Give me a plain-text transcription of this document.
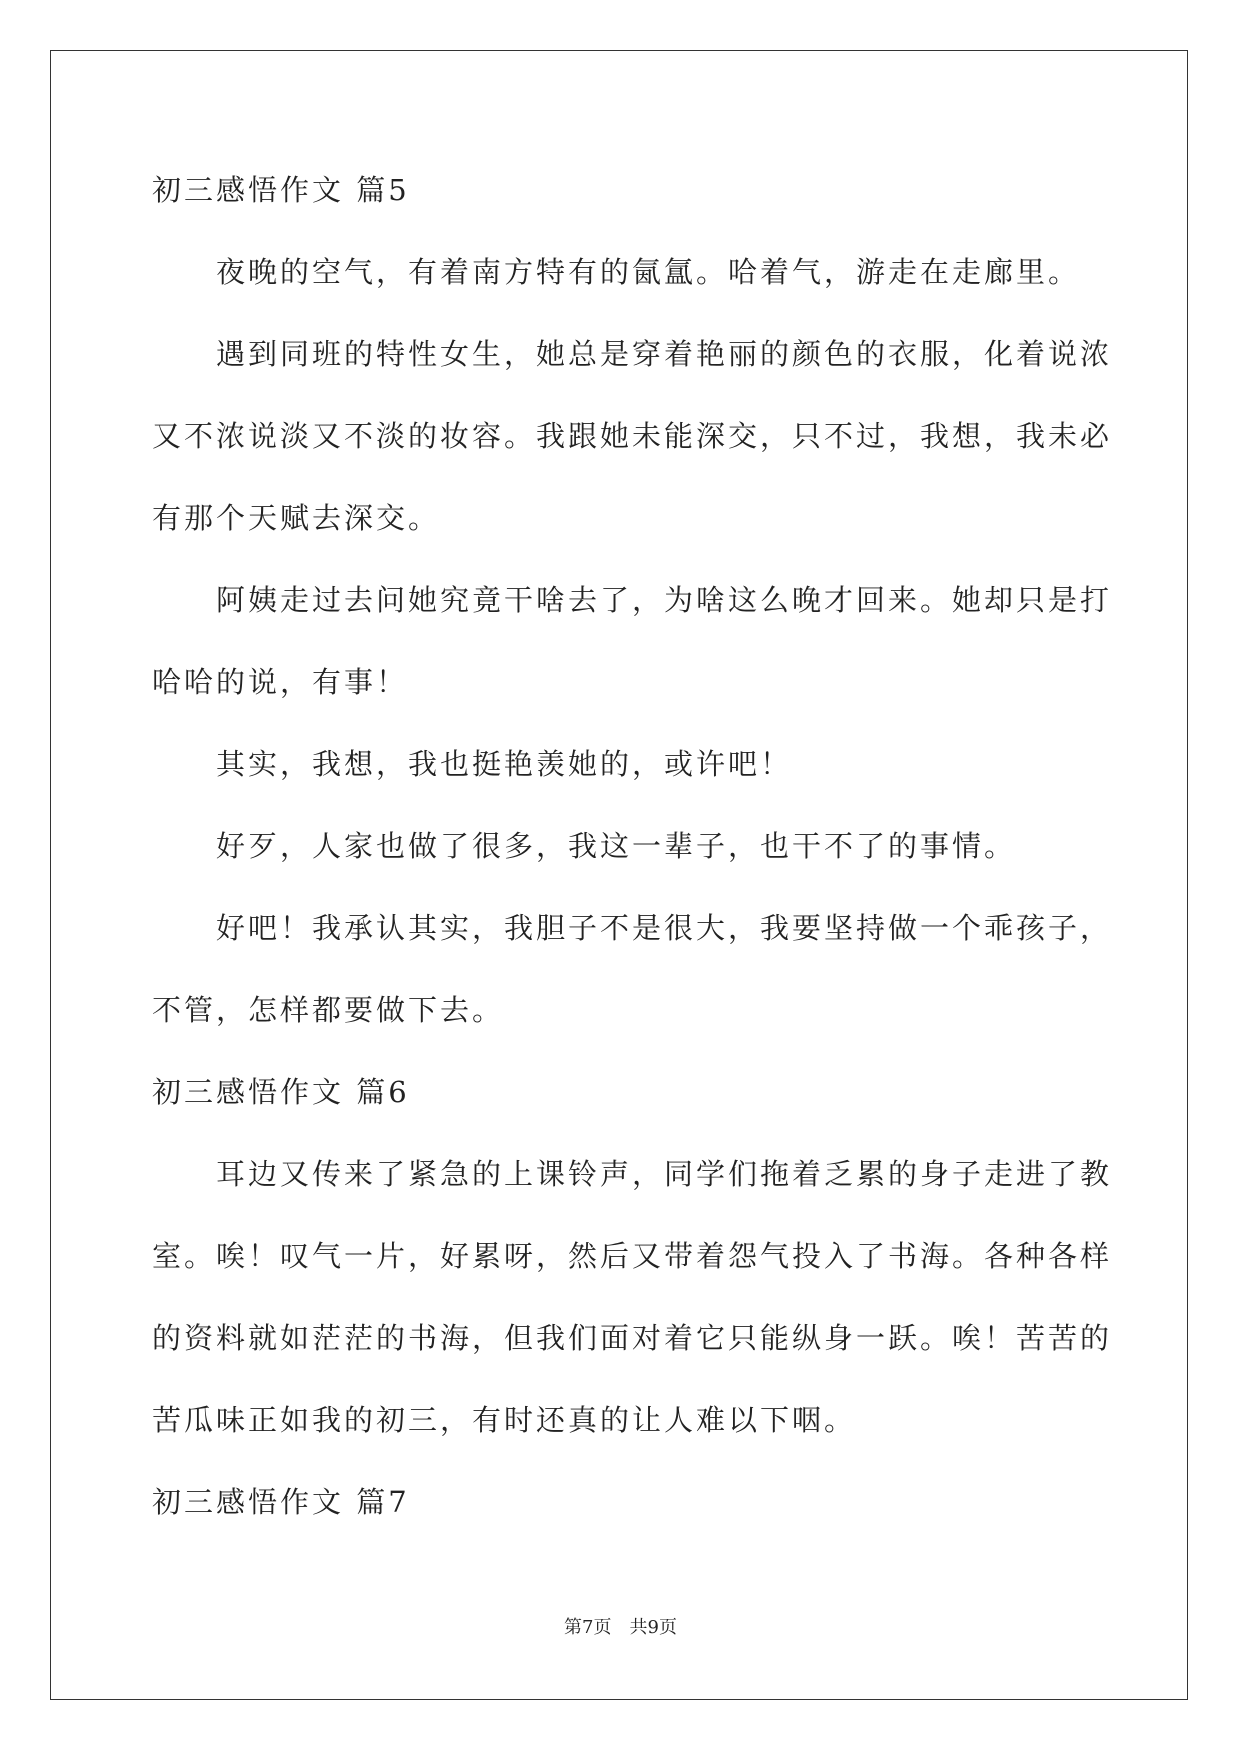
初三感悟作文 篇5
夜晚的空气，有着南方特有的氤氲。哈着气，游走在走廊里。
遇到同班的特性女生，她总是穿着艳丽的颜色的衣服，化着说浓
又不浓说淡又不淡的妆容。我跟她未能深交，只不过，我想，我未必
有那个天赋去深交。
阿姨走过去问她究竟干啥去了，为啥这么晚才回来。她却只是打
哈哈的说，有事！
其实，我想，我也挺艳羡她的，或许吧！
好歹，人家也做了很多，我这一辈子，也干不了的事情。
好吧！我承认其实，我胆子不是很大，我要坚持做一个乖孩子，
不管，怎样都要做下去。
初三感悟作文 篇6
耳边又传来了紧急的上课铃声，同学们拖着乏累的身子走进了教
室。唉！叹气一片，好累呀，然后又带着怨气投入了书海。各种各样
的资料就如茫茫的书海，但我们面对着它只能纵身一跃。唉！苦苦的
苦瓜味正如我的初三，有时还真的让人难以下咽。
初三感悟作文 篇7
第7页　共9页
